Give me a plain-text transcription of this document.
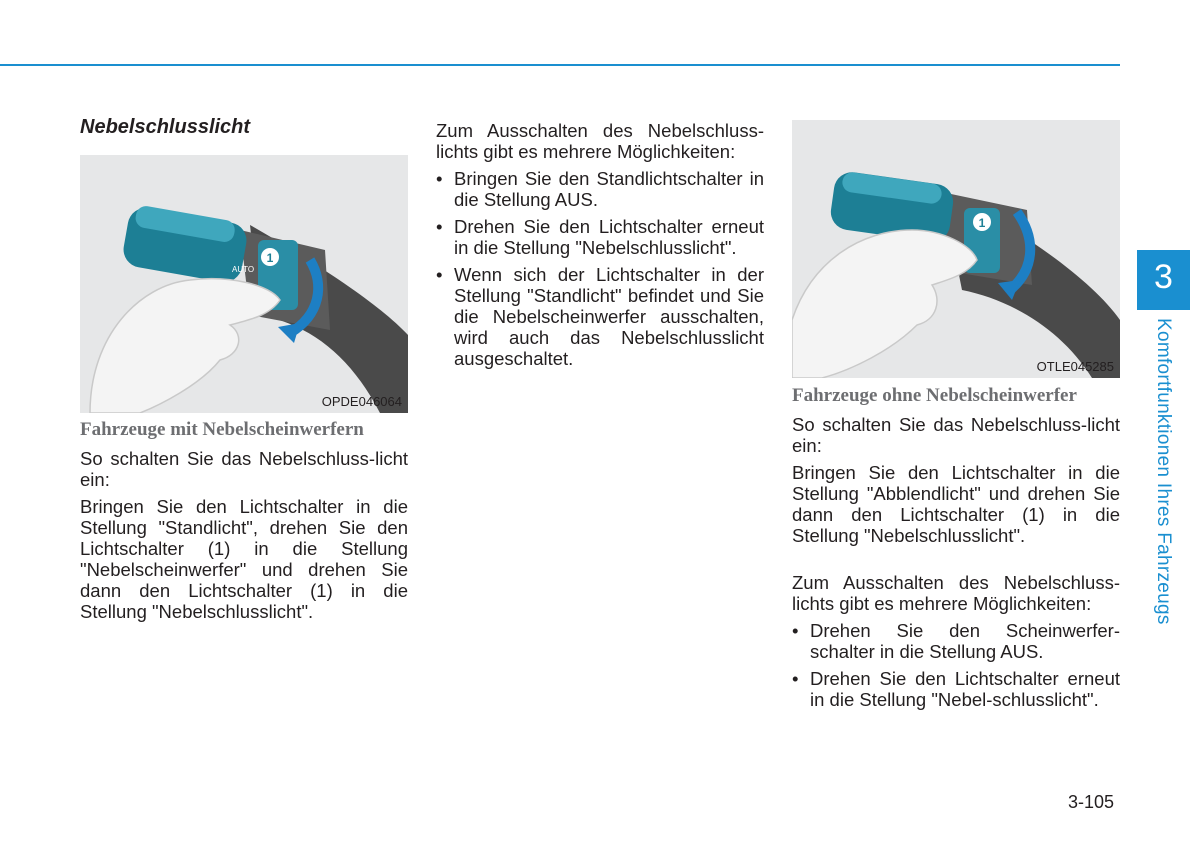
Nebelschlusslicht
1
AUTO
OPDE046064
Fahrzeuge mit Nebelscheinwerfern

So schalten Sie das Nebelschluss-licht ein:

Bringen Sie den Lichtschalter in die Stellung "Standlicht", drehen Sie den Lichtschalter (1) in die Stellung "Nebelscheinwerfer" und drehen Sie dann den Lichtschalter (1) in die Stellung "Nebelschlusslicht".

Zum Ausschalten des Nebelschluss-lichts gibt es mehrere Möglichkeiten:

• Bringen Sie den Standlichtschalter in die Stellung AUS.
• Drehen Sie den Lichtschalter erneut in die Stellung "Nebelschlusslicht".
• Wenn sich der Lichtschalter in der Stellung "Standlicht" befindet und Sie die Nebelscheinwerfer ausschalten, wird auch das Nebelschlusslicht ausgeschaltet.
1
OTLE045285
Fahrzeuge ohne Nebelscheinwerfer

So schalten Sie das Nebelschluss-licht ein:

Bringen Sie den Lichtschalter in die Stellung "Abblendlicht" und drehen Sie dann den Lichtschalter (1) in die Stellung "Nebelschlusslicht".

Zum Ausschalten des Nebelschluss-lichts gibt es mehrere Möglichkeiten:

• Drehen Sie den Scheinwerfer-schalter in die Stellung AUS.
• Drehen Sie den Lichtschalter erneut in die Stellung "Nebel-schlusslicht".
3
Komfortfunktionen Ihres Fahrzeugs
3-105
